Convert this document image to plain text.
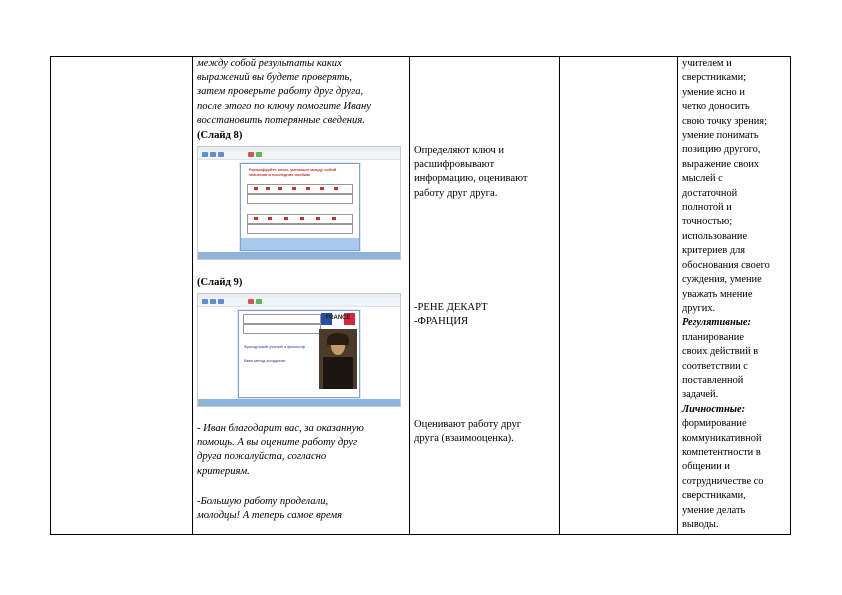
между собой результаты каких
выражений вы будете проверять,
затем проверьте работу друг друга,
после этого по ключу помогите Ивану
восстановить потерянные сведения.
(Слайд 8)
Расшифруйте ключ, умножьте между собой значения в последних ячейках
(Слайд 9)
FRANCE
Французский ученый и философ
Ввел метод координат
- Иван благодарит вас, за оказанную
помощь. А вы оцените работу друг
друга пожалуйста, согласно
критериям.
-Большую работу проделали,
молодцы! А теперь самое время
Определяют ключ и
расшифровывают
информацию, оценивают
работу друг друга.
-РЕНЕ ДЕКАРТ
-ФРАНЦИЯ
Оценивают работу друг
друга (взаимооценка).
учителем и
сверстниками;
умение ясно и
четко доносить
свою точку зрения;
умение понимать
позицию другого,
выражение своих
мыслей с
достаточной
полнотой и
точностью;
использование
критериев для
обоснования своего
суждения, умение
уважать мнение
других.
Регулятивные:
планирование
своих действий в
соответствии с
поставленной
задачей.
Личностные:
формирование
коммуникативной
компетентности в
общении и
сотрудничестве со
сверстниками,
умение делать
выводы.
